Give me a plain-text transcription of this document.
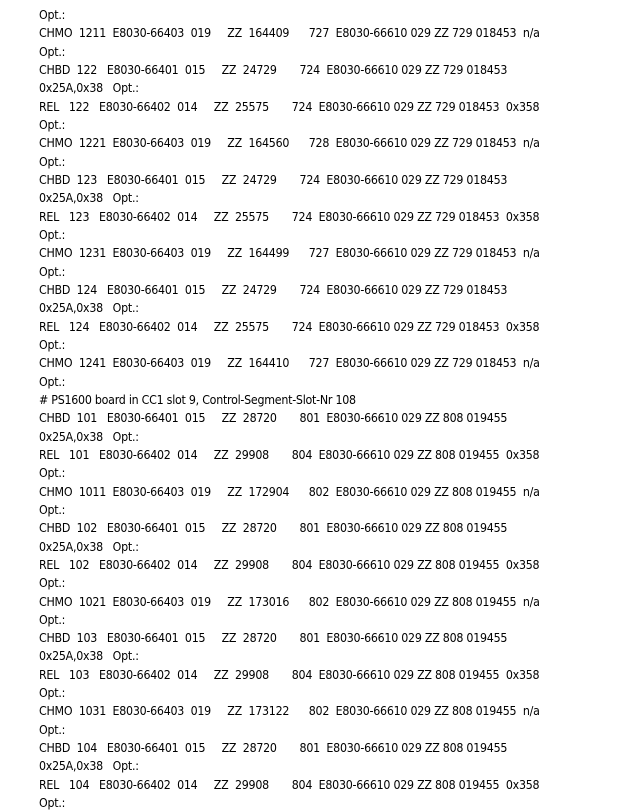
Opt.:
CHMO  1211  E8030-66403  019     ZZ  164409      727  E8030-66610 029 ZZ 729 018453  n/a
Opt.:
CHBD  122   E8030-66401  015     ZZ  24729       724  E8030-66610 029 ZZ 729 018453
0x25A,0x38   Opt.:
REL   122   E8030-66402  014     ZZ  25575       724  E8030-66610 029 ZZ 729 018453  0x358
Opt.:
CHMO  1221  E8030-66403  019     ZZ  164560      728  E8030-66610 029 ZZ 729 018453  n/a
Opt.:
CHBD  123   E8030-66401  015     ZZ  24729       724  E8030-66610 029 ZZ 729 018453
0x25A,0x38   Opt.:
REL   123   E8030-66402  014     ZZ  25575       724  E8030-66610 029 ZZ 729 018453  0x358
Opt.:
CHMO  1231  E8030-66403  019     ZZ  164499      727  E8030-66610 029 ZZ 729 018453  n/a
Opt.:
CHBD  124   E8030-66401  015     ZZ  24729       724  E8030-66610 029 ZZ 729 018453
0x25A,0x38   Opt.:
REL   124   E8030-66402  014     ZZ  25575       724  E8030-66610 029 ZZ 729 018453  0x358
Opt.:
CHMO  1241  E8030-66403  019     ZZ  164410      727  E8030-66610 029 ZZ 729 018453  n/a
Opt.:
# PS1600 board in CC1 slot 9, Control-Segment-Slot-Nr 108
CHBD  101   E8030-66401  015     ZZ  28720       801  E8030-66610 029 ZZ 808 019455
0x25A,0x38   Opt.:
REL   101   E8030-66402  014     ZZ  29908       804  E8030-66610 029 ZZ 808 019455  0x358
Opt.:
CHMO  1011  E8030-66403  019     ZZ  172904      802  E8030-66610 029 ZZ 808 019455  n/a
Opt.:
CHBD  102   E8030-66401  015     ZZ  28720       801  E8030-66610 029 ZZ 808 019455
0x25A,0x38   Opt.:
REL   102   E8030-66402  014     ZZ  29908       804  E8030-66610 029 ZZ 808 019455  0x358
Opt.:
CHMO  1021  E8030-66403  019     ZZ  173016      802  E8030-66610 029 ZZ 808 019455  n/a
Opt.:
CHBD  103   E8030-66401  015     ZZ  28720       801  E8030-66610 029 ZZ 808 019455
0x25A,0x38   Opt.:
REL   103   E8030-66402  014     ZZ  29908       804  E8030-66610 029 ZZ 808 019455  0x358
Opt.:
CHMO  1031  E8030-66403  019     ZZ  173122      802  E8030-66610 029 ZZ 808 019455  n/a
Opt.:
CHBD  104   E8030-66401  015     ZZ  28720       801  E8030-66610 029 ZZ 808 019455
0x25A,0x38   Opt.:
REL   104   E8030-66402  014     ZZ  29908       804  E8030-66610 029 ZZ 808 019455  0x358
Opt.:
